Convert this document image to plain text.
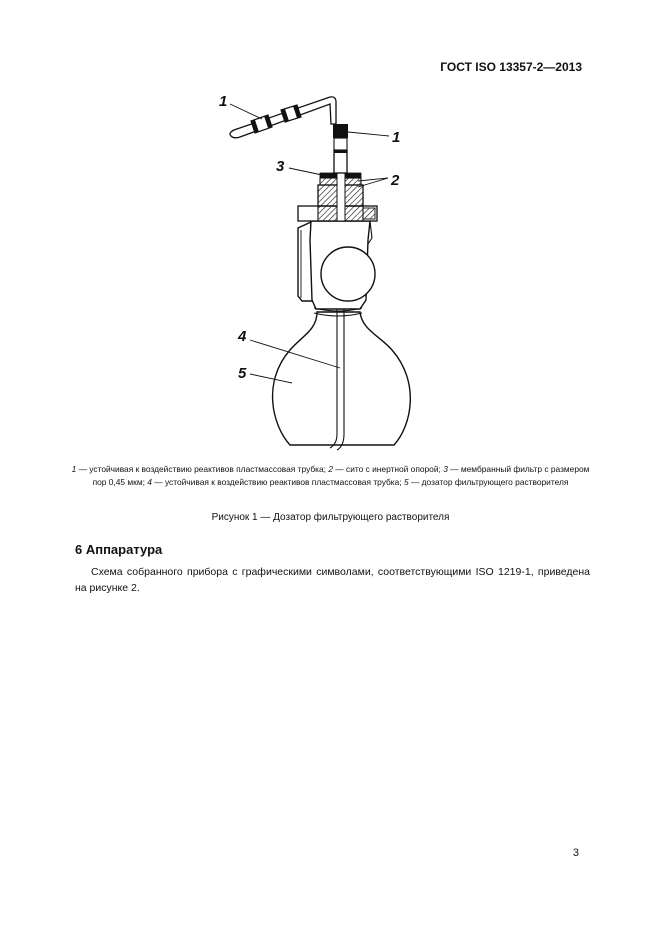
ГОСТ ISO 13357-2—2013
1
1
3
2
4
5
1 — устойчивая к воздействию реактивов пластмассовая трубка; 2 — сито с инертной опорой; 3 — мембранный фильтр с размером пор 0,45 мкм; 4 — устойчивая к воздействию реактивов пластмассовая трубка; 5 — дозатор фильтрующего растворителя
Рисунок 1 — Дозатор фильтрующего растворителя
6 Аппаратура
Схема собранного прибора с графическими символами, соответствующими ISO 1219-1, приведена на рисунке 2.
3
